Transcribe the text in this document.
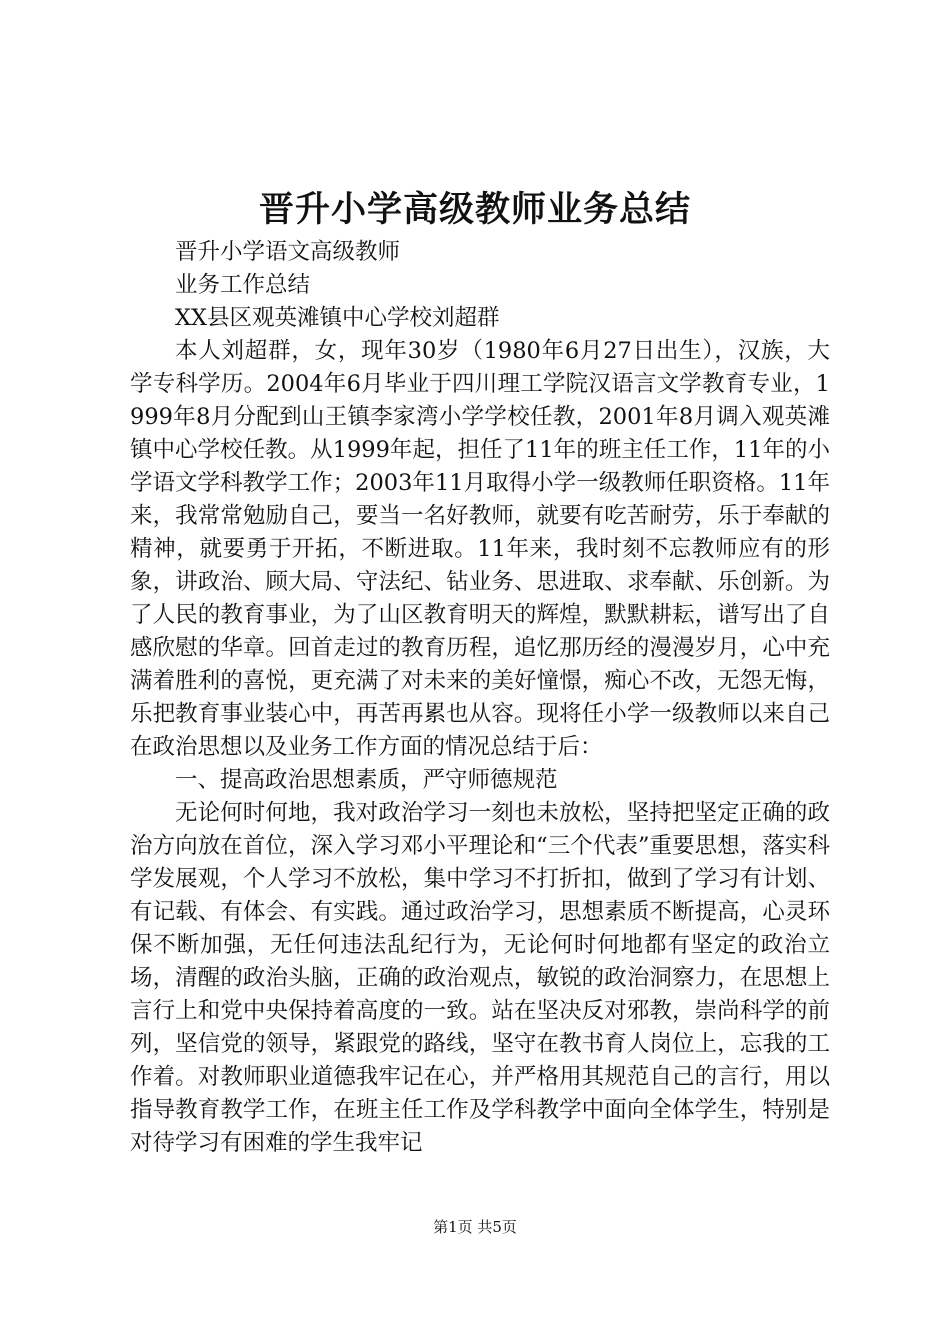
晋升小学高级教师业务总结

晋升小学语文高级教师

业务工作总结

XX县区观英滩镇中心学校刘超群

本人刘超群，女，现年30岁（1980年6月27日出生），汉族，大学专科学历。2004年6月毕业于四川理工学院汉语言文学教育专业，1999年8月分配到山王镇李家湾小学学校任教，2001年8月调入观英滩镇中心学校任教。从1999年起，担任了11年的班主任工作，11年的小学语文学科教学工作；2003年11月取得小学一级教师任职资格。11年来，我常常勉励自己，要当一名好教师，就要有吃苦耐劳，乐于奉献的精神，就要勇于开拓，不断进取。11年来，我时刻不忘教师应有的形象，讲政治、顾大局、守法纪、钻业务、思进取、求奉献、乐创新。为了人民的教育事业，为了山区教育明天的辉煌，默默耕耘，谱写出了自感欣慰的华章。回首走过的教育历程，追忆那历经的漫漫岁月，心中充满着胜利的喜悦，更充满了对未来的美好憧憬，痴心不改，无怨无悔，乐把教育事业装心中，再苦再累也从容。现将任小学一级教师以来自己在政治思想以及业务工作方面的情况总结于后：

一、提高政治思想素质，严守师德规范

无论何时何地，我对政治学习一刻也未放松，坚持把坚定正确的政治方向放在首位，深入学习邓小平理论和“三个代表”重要思想，落实科学发展观，个人学习不放松，集中学习不打折扣，做到了学习有计划、有记载、有体会、有实践。通过政治学习，思想素质不断提高，心灵环保不断加强，无任何违法乱纪行为，无论何时何地都有坚定的政治立场，清醒的政治头脑，正确的政治观点，敏锐的政治洞察力，在思想上言行上和党中央保持着高度的一致。站在坚决反对邪教，崇尚科学的前列，坚信党的领导，紧跟党的路线，坚守在教书育人岗位上，忘我的工作着。对教师职业道德我牢记在心，并严格用其规范自己的言行，用以指导教育教学工作，在班主任工作及学科教学中面向全体学生，特别是对待学习有困难的学生我牢记

第1页 共5页
